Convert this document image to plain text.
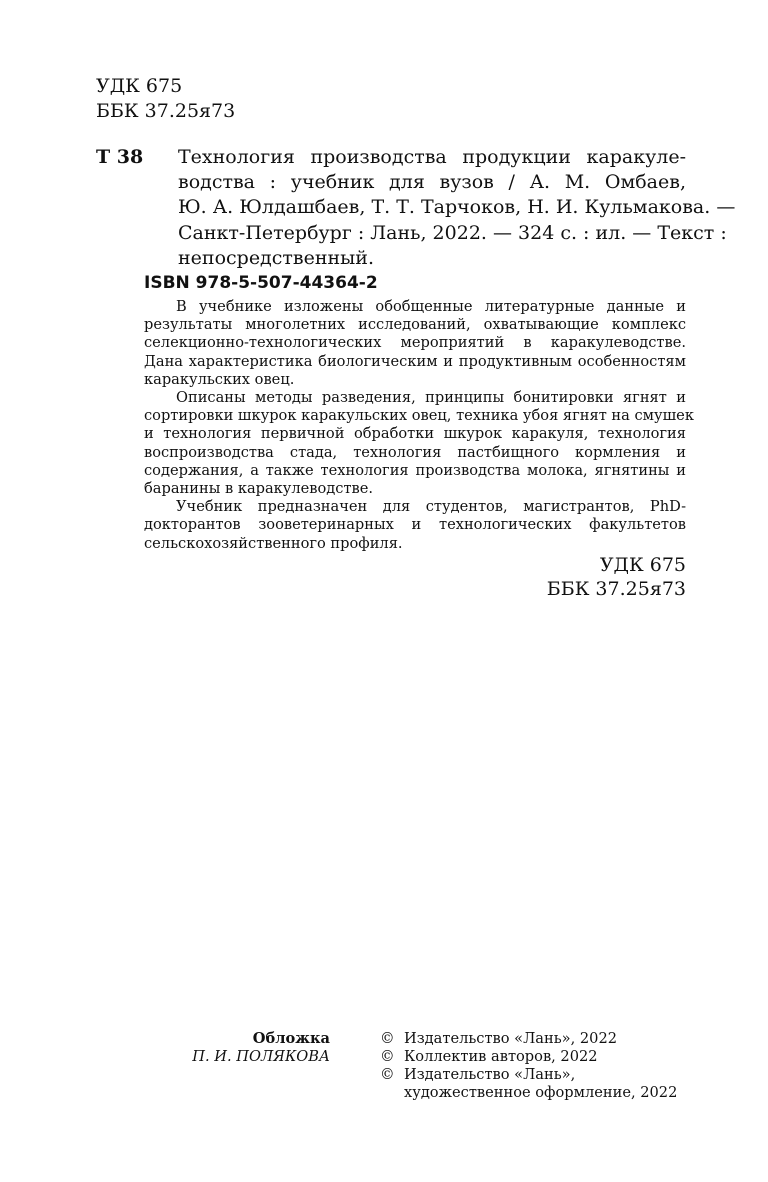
УДК 675
ББК 37.25я73
Т 38 Технология производства продукции каракуле-
водства : учебник для вузов / А. М. Омбаев,
Ю. А. Юлдашбаев, Т. Т. Тарчоков, Н. И. Кульмакова. —
Санкт-Петербург : Лань, 2022. — 324 с. : ил. — Текст :
непосредственный.
ISBN 978-5-507-44364-2
В учебнике изложены обобщенные литературные данные и
результаты многолетних исследований, охватывающие комплекс
селекционно-технологических мероприятий в каракулеводстве.
Дана характеристика биологическим и продуктивным особенностям
каракульских овец.
Описаны методы разведения, принципы бонитировки ягнят и
сортировки шкурок каракульских овец, техника убоя ягнят на смушек
и технология первичной обработки шкурок каракуля, технология
воспроизводства стада, технология пастбищного кормления и
содержания, а также технология производства молока, ягнятины и
баранины в каракулеводстве.
Учебник предназначен для студентов, магистрантов, PhD-
докторантов зооветеринарных и технологических факультетов
сельскохозяйственного профиля.
УДК 675
ББК 37.25я73
Обложка
П. И. ПОЛЯКОВА
© Издательство «Лань», 2022
© Коллектив авторов, 2022
© Издательство «Лань»,
художественное оформление, 2022
